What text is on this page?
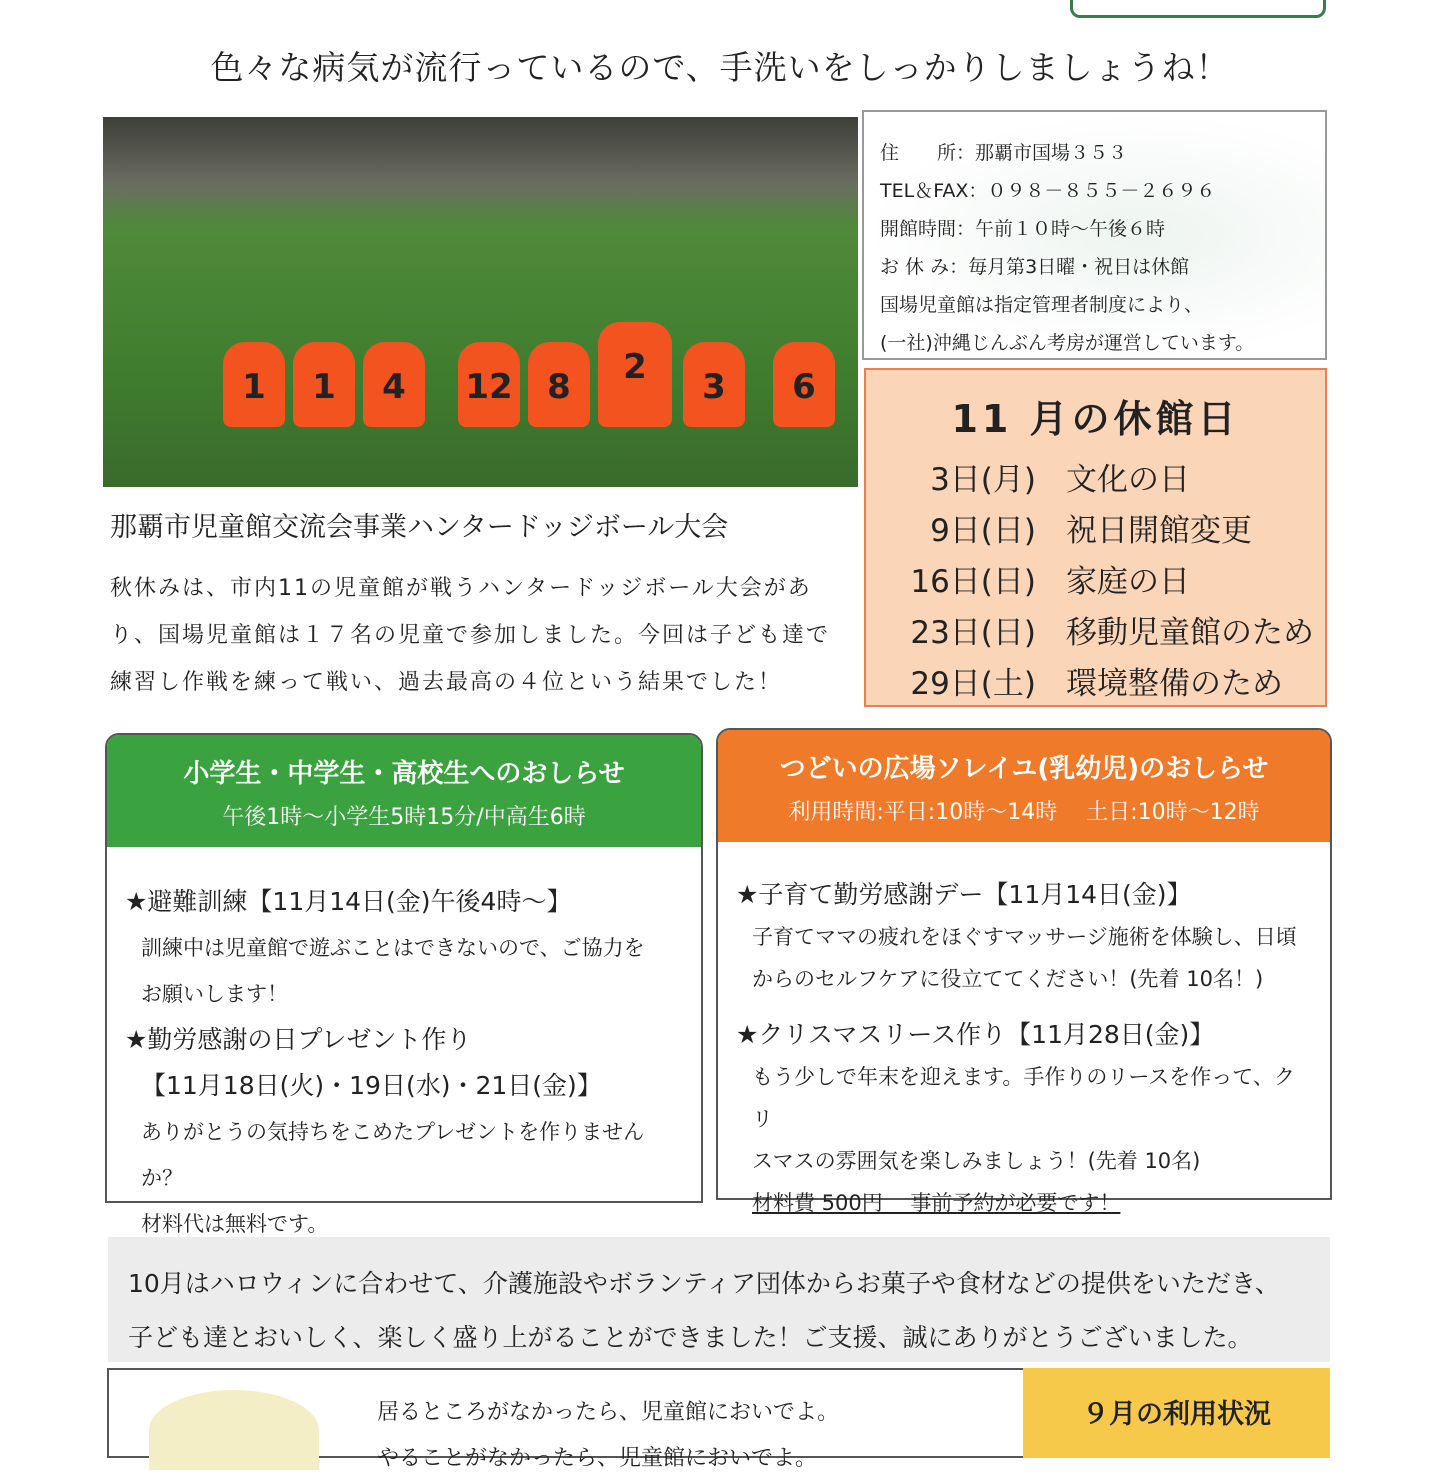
色々な病気が流行っているので、手洗いをしっかりしましょうね！
1	1	4	12	8	2	3	6
住　　所：那覇市国場３５３
TEL＆FAX：０９８－８５５－２６９６
開館時間：午前１０時～午後６時
お 休 み：毎月第3日曜・祝日は休館
国場児童館は指定管理者制度により、
(一社)沖縄じんぶん考房が運営しています。
11 月の休館日
3日(月) 文化の日
9日(日) 祝日開館変更
16日(日) 家庭の日
23日(日) 移動児童館のため
29日(土) 環境整備のため
那覇市児童館交流会事業ハンタードッジボール大会
秋休みは、市内11の児童館が戦うハンタードッジボール大会があ
り、国場児童館は１７名の児童で参加しました。今回は子ども達で
練習し作戦を練って戦い、過去最高の４位という結果でした！
小学生・中学生・高校生へのおしらせ
午後1時～小学生5時15分/中高生6時
★避難訓練【11月14日(金)午後4時～】
訓練中は児童館で遊ぶことはできないので、ご協力を
お願いします！
★勤労感謝の日プレゼント作り
【11月18日(火)・19日(水)・21日(金)】
ありがとうの気持ちをこめたプレゼントを作りませんか？
材料代は無料です。
つどいの広場ソレイユ(乳幼児)のおしらせ
利用時間:平日:10時～14時　 土日:10時～12時
★子育て勤労感謝デー【11月14日(金)】
子育てママの疲れをほぐすマッサージ施術を体験し、日頃
からのセルフケアに役立ててください！(先着 10名！)
★クリスマスリース作り【11月28日(金)】
もう少しで年末を迎えます。手作りのリースを作って、クリ
スマスの雰囲気を楽しみましょう！(先着 10名)
材料費 500円　 事前予約が必要です！
10月はハロウィンに合わせて、介護施設やボランティア団体からお菓子や食材などの提供をいただき、
子ども達とおいしく、楽しく盛り上がることができました！ご支援、誠にありがとうございました。
居るところがなかったら、児童館においでよ。
やることがなかったら、児童館においでよ。
９月の利用状況
